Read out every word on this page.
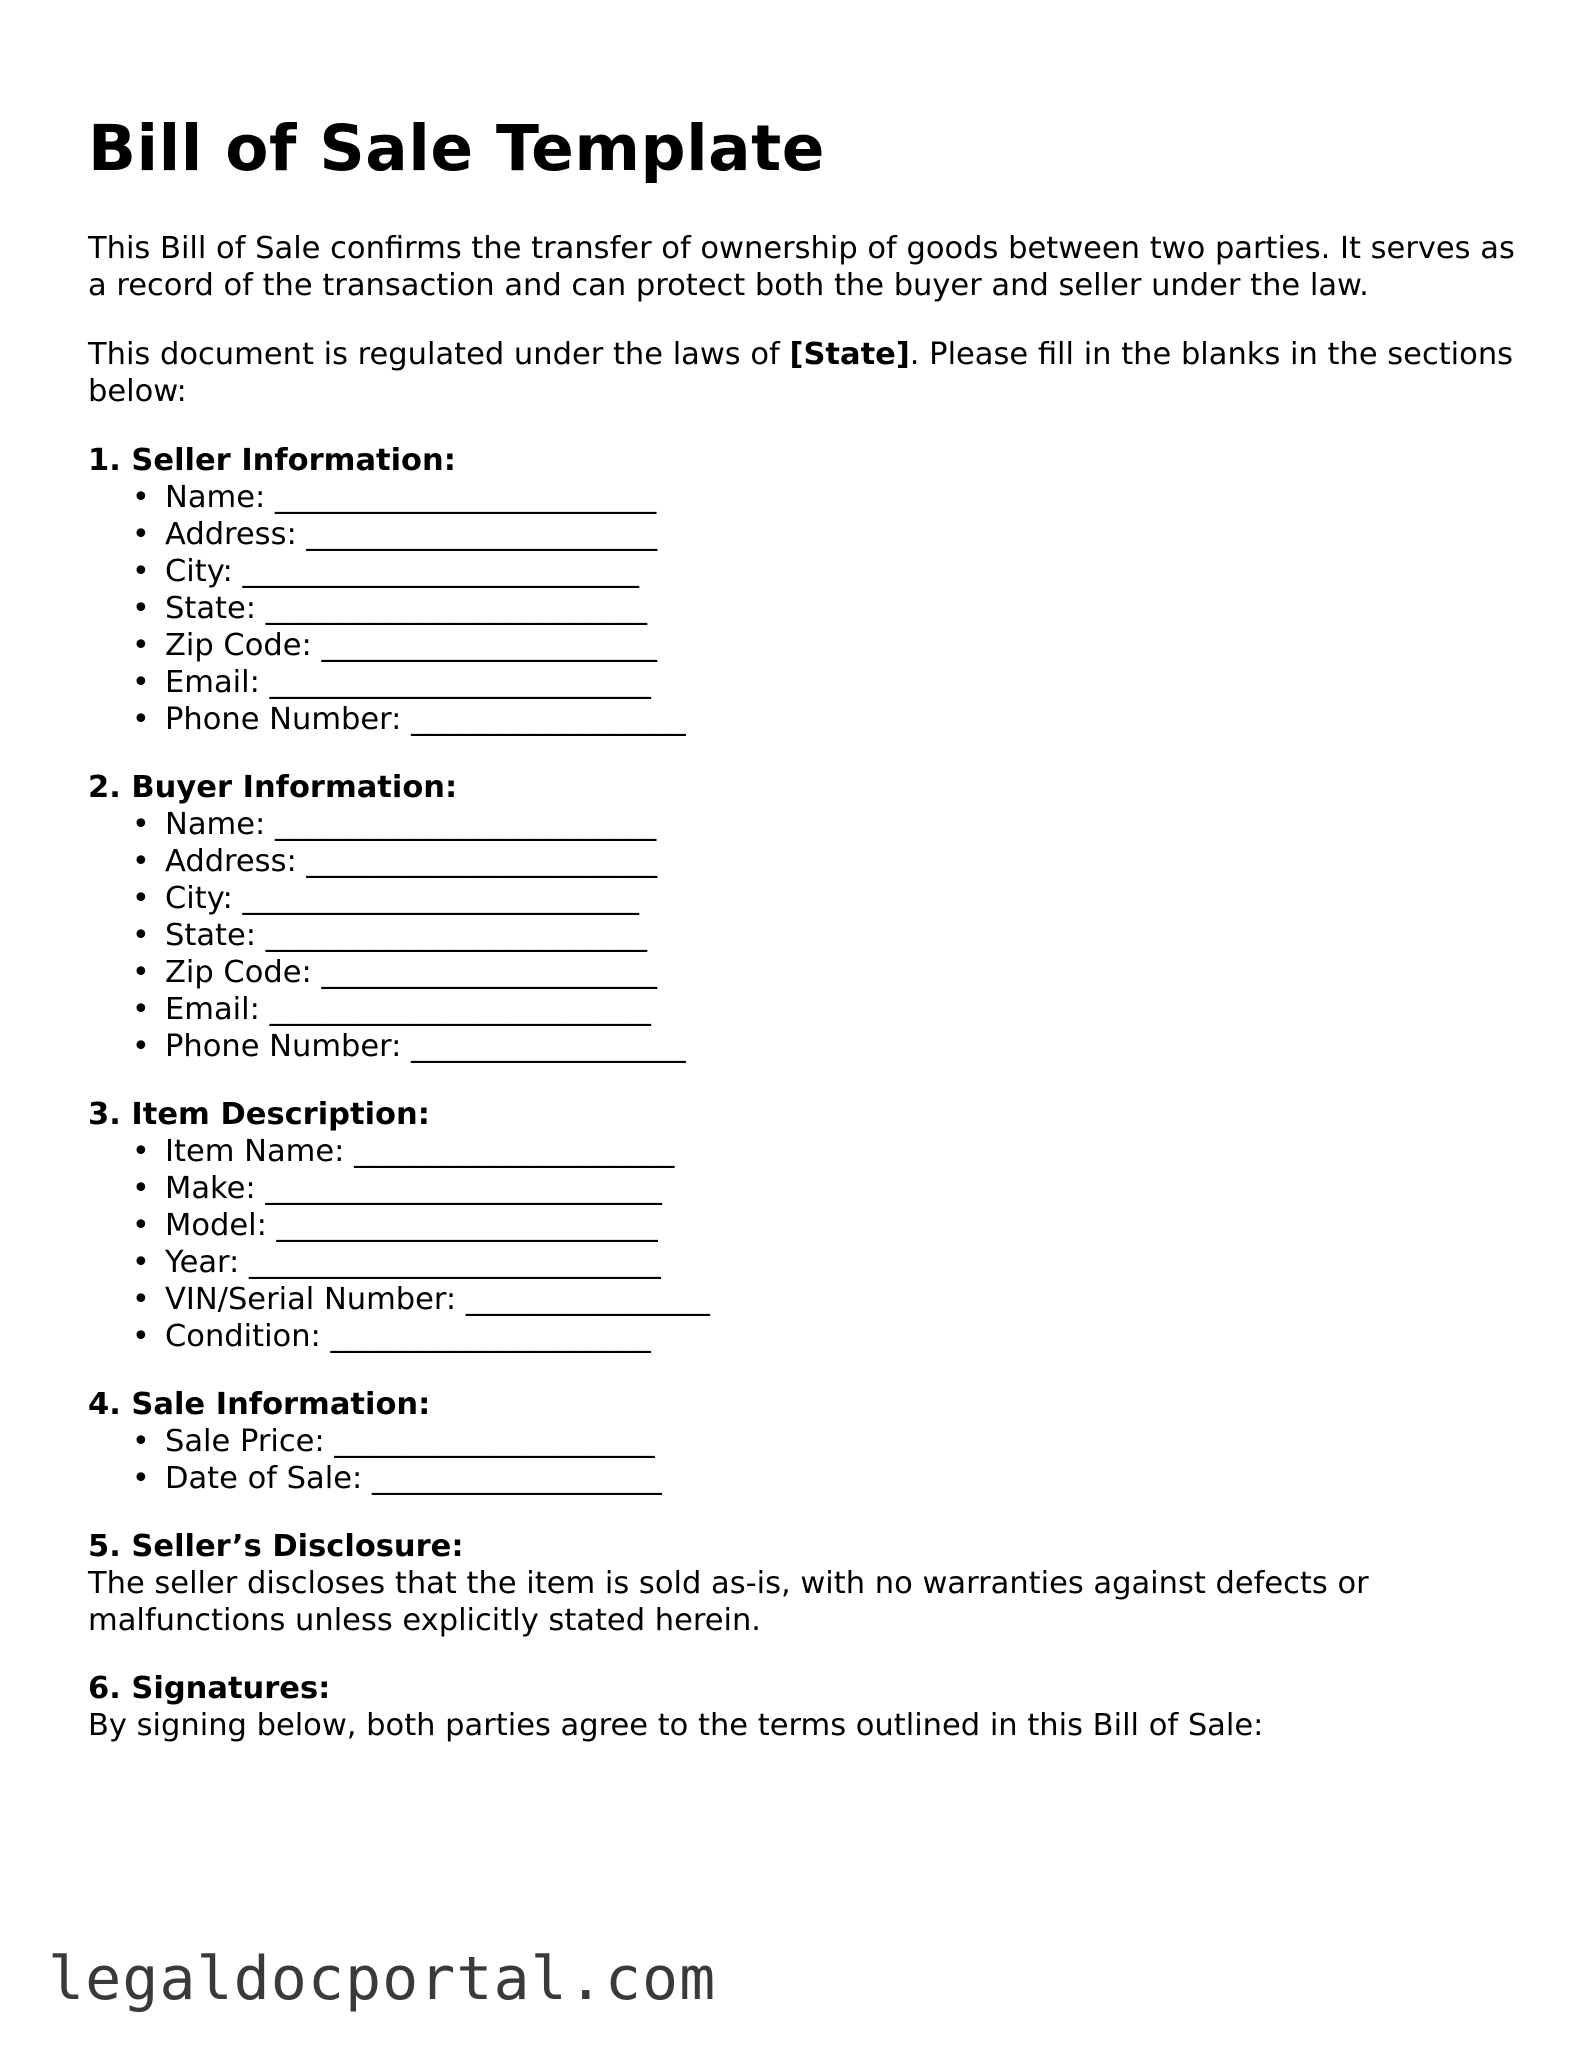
Bill of Sale Template

This Bill of Sale confirms the transfer of ownership of goods between two parties. It serves as a record of the transaction and can protect both the buyer and seller under the law.

This document is regulated under the laws of [State]. Please fill in the blanks in the sections below:

1. Seller Information:
• Name: _________________________
• Address: _______________________
• City: __________________________
• State: _________________________
• Zip Code: ______________________
• Email: _________________________
• Phone Number: __________________
2. Buyer Information:
• Name: _________________________
• Address: _______________________
• City: __________________________
• State: _________________________
• Zip Code: ______________________
• Email: _________________________
• Phone Number: __________________
3. Item Description:
• Item Name: _____________________
• Make: __________________________
• Model: _________________________
• Year: ___________________________
• VIN/Serial Number: ________________
• Condition: _____________________
4. Sale Information:
• Sale Price: _____________________
• Date of Sale: ___________________
5. Seller’s Disclosure:

The seller discloses that the item is sold as-is, with no warranties against defects or malfunctions unless explicitly stated herein.

6. Signatures:

By signing below, both parties agree to the terms outlined in this Bill of Sale:

legaldocportal.com
